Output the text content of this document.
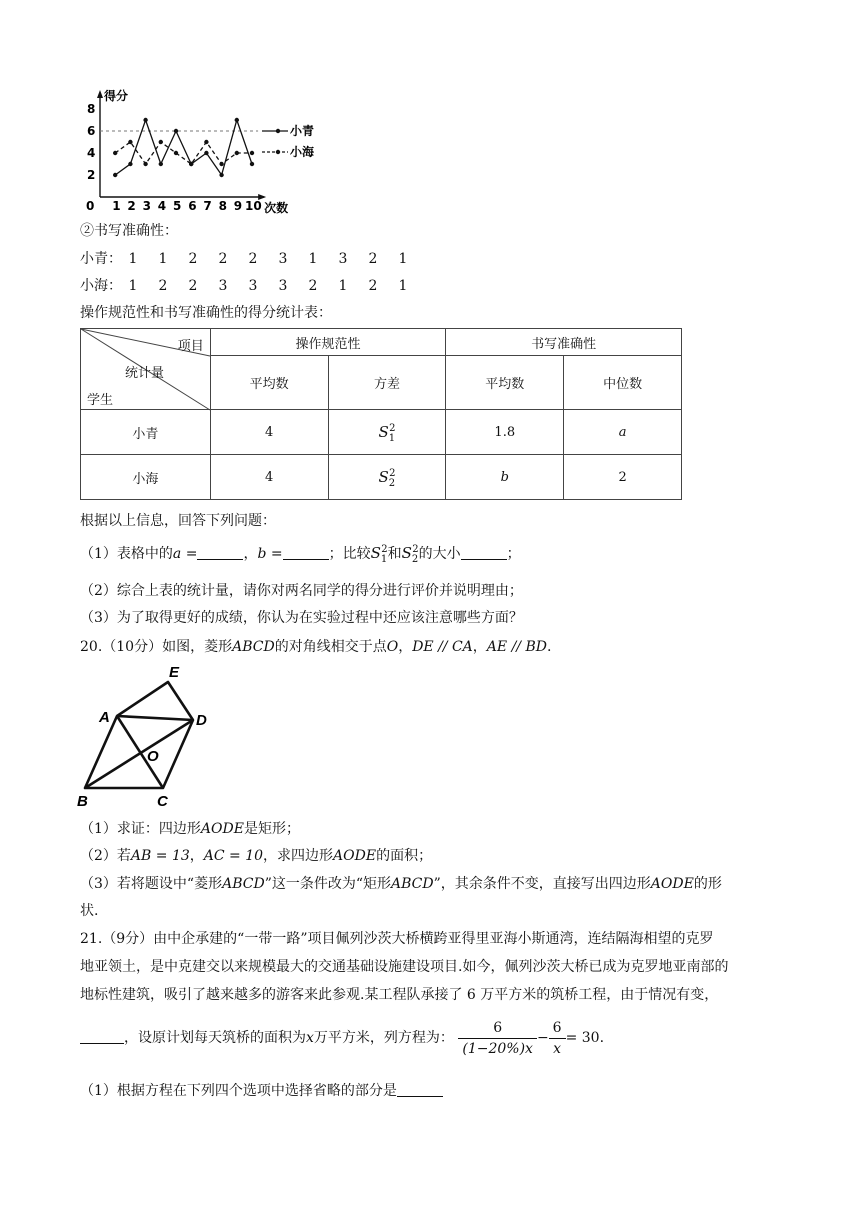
得分
2
4
6
8
0 1 2 3 4 5 6 7 8 9 10 次数
小青
小海
②书写准确性：
小青： 1 1 2 2 2 3 1 3 2 1
小海： 1 2 2 3 3 3 2 1 2 1
操作规范性和书写准确性的得分统计表：
项目
统计量
学生	操作规范性		书写准确性	
	平均数	方差	平均数	中位数
小青	4	$S_1^2$	1.8	a
小海	4	$S_2^2$	b	2
根据以上信息，回答下列问题：
（1）表格中的a =	，b =	；比较$S_1^2$和$S_2^2$的大小	；
（2）综合上表的统计量，请你对两名同学的得分进行评价并说明理由；
（3）为了取得更好的成绩，你认为在实验过程中还应该注意哪些方面？
20.（10分）如图，菱形ABCD的对角线相交于点O，DE // CA，AE // BD.
E
A	D
O
B	C
（1）求证：四边形AODE是矩形；
（2）若AB = 13，AC = 10，求四边形AODE的面积；
（3）若将题设中“菱形ABCD”这一条件改为“矩形ABCD”，其余条件不变，直接写出四边形AODE的形
状.
21.（9分）由中企承建的“一带一路”项目佩列沙茨大桥横跨亚得里亚海小斯通湾，连结隔海相望的克罗
地亚领土，是中克建交以来规模最大的交通基础设施建设项目.如今，佩列沙茨大桥已成为克罗地亚南部的
地标性建筑，吸引了越来越多的游客来此参观.某工程队承接了 6 万平方米的筑桥工程，由于情况有变，
，设原计划每天筑桥的面积为x万平方米，列方程为： $\frac{6}{(1-20\%)x} - \frac{6}{x} = 30$.
（1）根据方程在下列四个选项中选择省略的部分是
